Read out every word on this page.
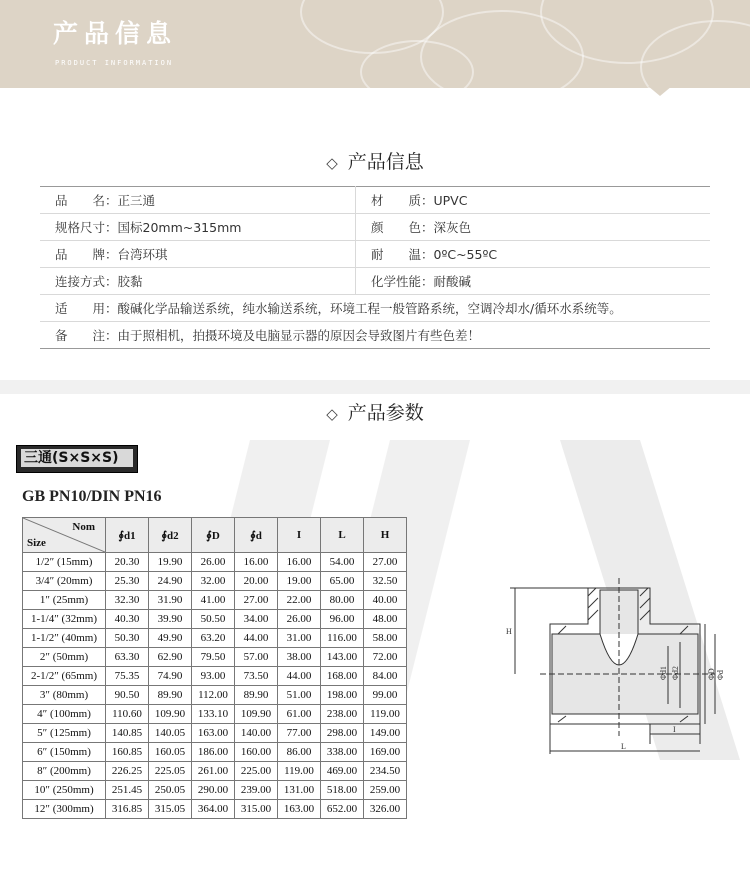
产品信息
PRODUCT INFORMATION
◇ 产品信息
品　　名：正三通	材　　质：UPVC
规格尺寸：国标20mm~315mm	颜　　色：深灰色
品　　牌：台湾环琪	耐　　温：0ºC~55ºC
连接方式：胶黏	化学性能：耐酸碱
适　　用：酸碱化学品输送系统，纯水输送系统，环境工程一般管路系统，空调冷却水/循环水系统等。	
备　　注：由于照相机，拍摄环境及电脑显示器的原因会导致图片有些色差！	
◇ 产品参数
三通(S×S×S)
GB PN10/DIN PN16
Nom
Size	∮d1	∮d2	∮D	∮d	I	L	H
1/2″ (15mm)	20.30	19.90	26.00	16.00	16.00	54.00	27.00
3/4″ (20mm)	25.30	24.90	32.00	20.00	19.00	65.00	32.50
1″ (25mm)	32.30	31.90	41.00	27.00	22.00	80.00	40.00
1-1/4″ (32mm)	40.30	39.90	50.50	34.00	26.00	96.00	48.00
1-1/2″ (40mm)	50.30	49.90	63.20	44.00	31.00	116.00	58.00
2″ (50mm)	63.30	62.90	79.50	57.00	38.00	143.00	72.00
2-1/2″ (65mm)	75.35	74.90	93.00	73.50	44.00	168.00	84.00
3″ (80mm)	90.50	89.90	112.00	89.90	51.00	198.00	99.00
4″ (100mm)	110.60	109.90	133.10	109.90	61.00	238.00	119.00
5″ (125mm)	140.85	140.05	163.00	140.00	77.00	298.00	149.00
6″ (150mm)	160.85	160.05	186.00	160.00	86.00	338.00	169.00
8″ (200mm)	226.25	225.05	261.00	225.00	119.00	469.00	234.50
10″ (250mm)	251.45	250.05	290.00	239.00	131.00	518.00	259.00
12″ (300mm)	316.85	315.05	364.00	315.00	163.00	652.00	326.00
H
Φd1 Φd2	ΦD Φd
I
L
